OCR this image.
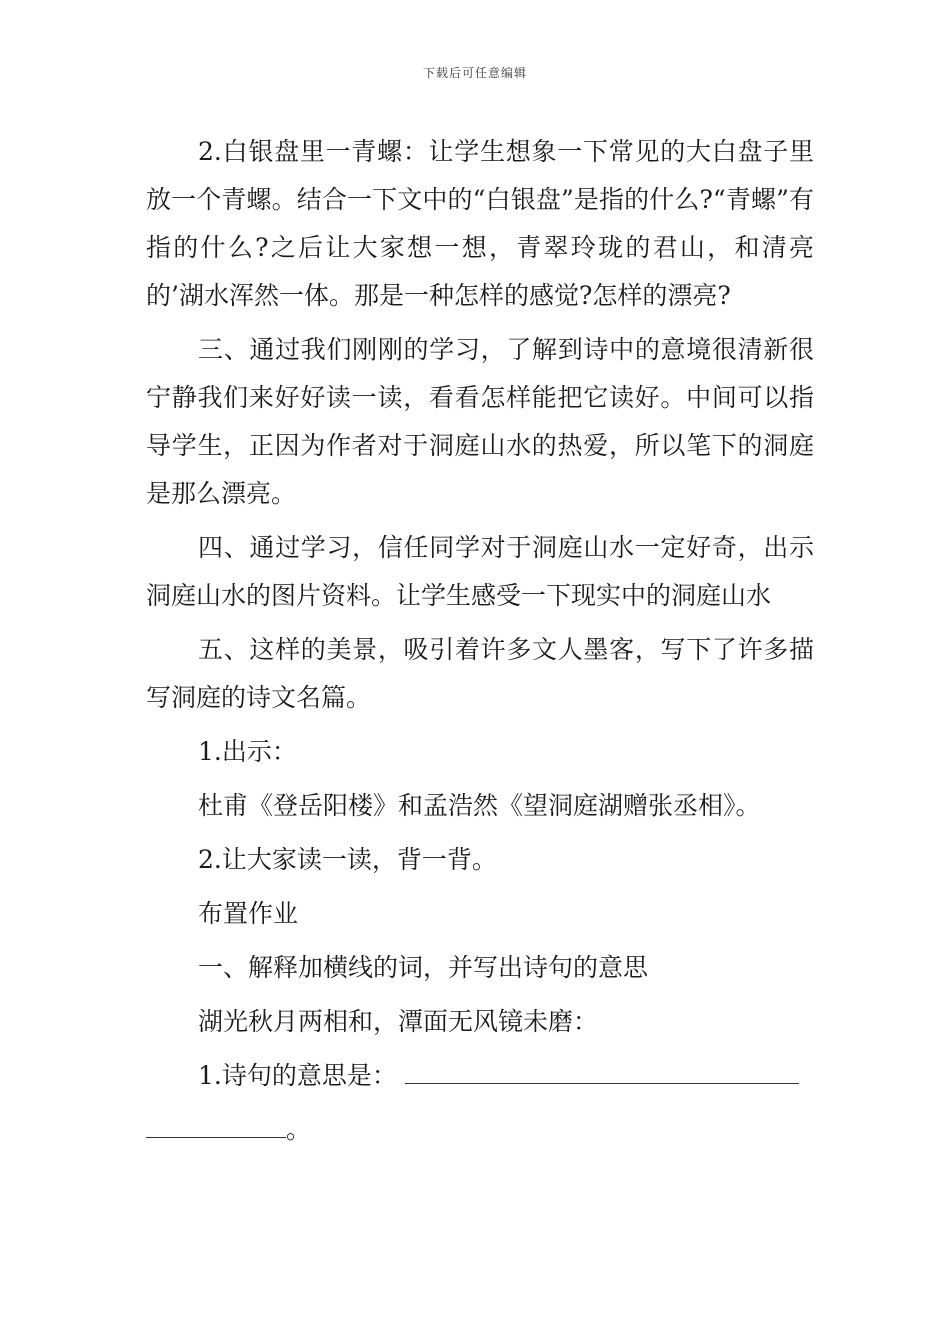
下载后可任意编辑

2.白银盘里一青螺：让学生想象一下常见的大白盘子里放一个青螺。结合一下文中的“白银盘”是指的什么?“青螺”有指的什么?之后让大家想一想，青翠玲珑的君山，和清亮的’湖水浑然一体。那是一种怎样的感觉?怎样的漂亮?

三、通过我们刚刚的学习，了解到诗中的意境很清新很宁静我们来好好读一读，看看怎样能把它读好。中间可以指导学生，正因为作者对于洞庭山水的热爱，所以笔下的洞庭是那么漂亮。

四、通过学习，信任同学对于洞庭山水一定好奇，出示洞庭山水的图片资料。让学生感受一下现实中的洞庭山水

五、这样的美景，吸引着许多文人墨客，写下了许多描写洞庭的诗文名篇。

1.出示：

杜甫《登岳阳楼》和孟浩然《望洞庭湖赠张丞相》。

2.让大家读一读，背一背。

布置作业

一、解释加横线的词，并写出诗句的意思

湖光秋月两相和，潭面无风镜未磨：

1.诗句的意思是：

。
